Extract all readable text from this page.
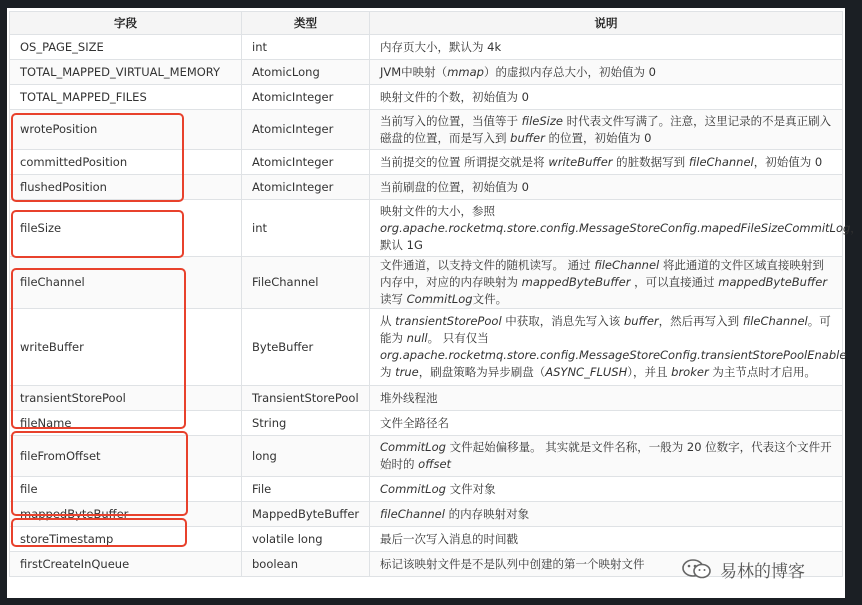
字段	类型	说明
OS_PAGE_SIZE	int	内存页大小，默认为 4k
TOTAL_MAPPED_VIRTUAL_MEMORY	AtomicLong	JVM中映射（mmap）的虚拟内存总大小，初始值为 0
TOTAL_MAPPED_FILES	AtomicInteger	映射文件的个数，初始值为 0
wrotePosition	AtomicInteger	当前写入的位置，当值等于 fileSize 时代表文件写满了。注意，这里记录的不是真正刷入磁盘的位置，而是写入到 buffer 的位置，初始值为 0
committedPosition	AtomicInteger	当前提交的位置 所谓提交就是将 writeBuffer 的脏数据写到 fileChannel，初始值为 0
flushedPosition	AtomicInteger	当前刷盘的位置，初始值为 0
fileSize	int	映射文件的大小，参照 org.apache.rocketmq.store.config.MessageStoreConfig.mapedFileSizeCommitLog，默认 1G
fileChannel	FileChannel	文件通道，以支持文件的随机读写。 通过 fileChannel 将此通道的文件区域直接映射到内存中，对应的内存映射为 mappedByteBuffer ，可以直接通过 mappedByteBuffer 读写 CommitLog文件。
writeBuffer	ByteBuffer	从 transientStorePool 中获取，消息先写入该 buffer，然后再写入到 fileChannel。可能为 null。 只有仅当 org.apache.rocketmq.store.config.MessageStoreConfig.transientStorePoolEnable 为 true，刷盘策略为异步刷盘（ASYNC_FLUSH），并且 broker 为主节点时才启用。
transientStorePool	TransientStorePool	堆外线程池
fileName	String	文件全路径名
fileFromOffset	long	CommitLog 文件起始偏移量。 其实就是文件名称，一般为 20 位数字，代表这个文件开始时的 offset
file	File	CommitLog 文件对象
mappedByteBuffer	MappedByteBuffer	fileChannel 的内存映射对象
storeTimestamp	volatile long	最后一次写入消息的时间戳
firstCreateInQueue	boolean	标记该映射文件是不是队列中创建的第一个映射文件	易林的博客
